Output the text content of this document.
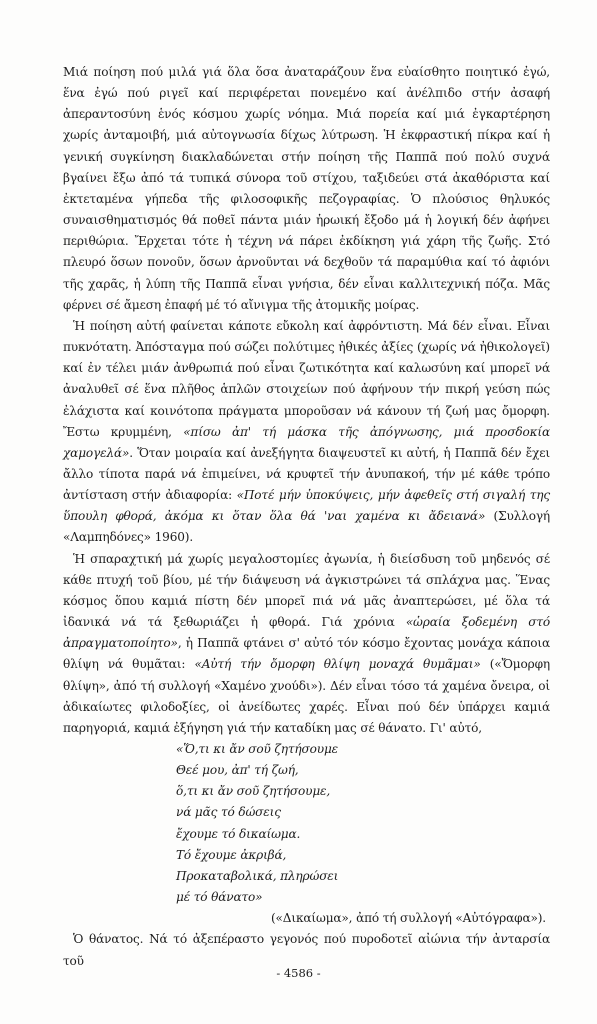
Μιά ποίηση πού μιλά γιά ὅλα ὅσα ἀναταράζουν ἕνα εὐαίσθητο ποιητικό ἐγώ, ἕνα ἐγώ πού ριγεῖ καί περιφέρεται πονεμένο καί ἀνέλπιδο στήν ἀσαφή ἀπεραντοσύνη ἑνός κόσμου χωρίς νόημα. Μιά πορεία καί μιά ἐγκαρτέρηση χωρίς ἀνταμοιβή, μιά αὐτογνωσία δίχως λύτρωση. Ἡ ἐκφραστική πίκρα καί ἡ γενική συγκίνηση διακλαδώνεται στήν ποίηση τῆς Παππᾶ πού πολύ συχνά βγαίνει ἔξω ἀπό τά τυπικά σύνορα τοῦ στίχου, ταξιδεύει στά ἀκαθόριστα καί ἐκτεταμένα γήπεδα τῆς φιλοσοφικῆς πεζογραφίας. Ὁ πλούσιος θηλυκός συναισθηματισμός θά ποθεῖ πάντα μιάν ἡρωική ἔξοδο μά ἡ λογική δέν ἀφήνει περιθώρια. Ἔρχεται τότε ἡ τέχνη νά πάρει ἐκδίκηση γιά χάρη τῆς ζωῆς. Στό πλευρό ὅσων πονοῦν, ὅσων ἀρνοῦνται νά δεχθοῦν τά παραμύθια καί τό ἀφιόνι τῆς χαρᾶς, ἡ λύπη τῆς Παππᾶ εἶναι γνήσια, δέν εἶναι καλλιτεχνική πόζα. Μᾶς φέρνει σέ ἄμεση ἐπαφή μέ τό αἴνιγμα τῆς ἀτομικῆς μοίρας.

Ἡ ποίηση αὐτή φαίνεται κάποτε εὔκολη καί ἀφρόντιστη. Μά δέν εἶναι. Εἶναι πυκνότατη. Ἀπόσταγμα πού σώζει πολύτιμες ἠθικές ἀξίες (χωρίς νά ἠθικολογεῖ) καί ἐν τέλει μιάν ἀνθρωπιά πού εἶναι ζωτικότητα καί καλωσύνη καί μπορεῖ νά ἀναλυθεῖ σέ ἕνα πλῆθος ἁπλῶν στοιχείων πού ἀφήνουν τήν πικρή γεύση πώς ἐλάχιστα καί κοινότοπα πράγματα μποροῦσαν νά κάνουν τή ζωή μας ὄμορφη. Ἔστω κρυμμένη, «πίσω ἀπ' τή μάσκα τῆς ἀπόγνωσης, μιά προσδοκία χαμογελά». Ὅταν μοιραία καί ἀνεξήγητα διαψευστεῖ κι αὐτή, ἡ Παππᾶ δέν ἔχει ἄλλο τίποτα παρά νά ἐπιμείνει, νά κρυφτεῖ τήν ἀνυπακοή, τήν μέ κάθε τρόπο ἀντίσταση στήν ἀδιαφορία: «Ποτέ μήν ὑποκύψεις, μήν ἀφεθεῖς στή σιγαλή της ὕπουλη φθορά, ἀκόμα κι ὅταν ὅλα θά 'ναι χαμένα κι ἄδειανά» (Συλλογή «Λαμπηδόνες» 1960).

Ἡ σπαραχτική μά χωρίς μεγαλοστομίες ἀγωνία, ἡ διείσδυση τοῦ μηδενός σέ κάθε πτυχή τοῦ βίου, μέ τήν διάψευση νά ἀγκιστρώνει τά σπλάχνα μας. Ἕνας κόσμος ὅπου καμιά πίστη δέν μπορεῖ πιά νά μᾶς ἀναπτερώσει, μέ ὅλα τά ἰδανικά νά τά ξεθωριάζει ἡ φθορά. Γιά χρόνια «ὡραία ξοδεμένη στό ἀπραγματοποίητο», ἡ Παππᾶ φτάνει σ' αὐτό τόν κόσμο ἔχοντας μονάχα κάποια θλίψη νά θυμᾶται: «Αὐτή τήν ὄμορφη θλίψη μοναχά θυμᾶμαι» («Ὄμορφη θλίψη», ἀπό τή συλλογή «Χαμένο χνούδι»). Δέν εἶναι τόσο τά χαμένα ὄνειρα, οἱ ἀδικαίωτες φιλοδοξίες, οἱ ἀνείδωτες χαρές. Εἶναι πού δέν ὑπάρχει καμιά παρηγοριά, καμιά ἐξήγηση γιά τήν καταδίκη μας σέ θάνατο. Γι' αὐτό,

«Ὅ,τι κι ἄν σοῦ ζητήσουμε
Θεέ μου, ἀπ' τή ζωή,
ὅ,τι κι ἄν σοῦ ζητήσουμε,
νά μᾶς τό δώσεις
ἔχουμε τό δικαίωμα.
Τό ἔχουμε ἀκριβά,
Προκαταβολικά, πληρώσει
μέ τό θάνατο»
(«Δικαίωμα», ἀπό τή συλλογή «Αὐτόγραφα»).

Ὁ θάνατος. Νά τό ἀξεπέραστο γεγονός πού πυροδοτεῖ αἰώνια τήν ἀνταρσία τοῦ

- 4586 -
